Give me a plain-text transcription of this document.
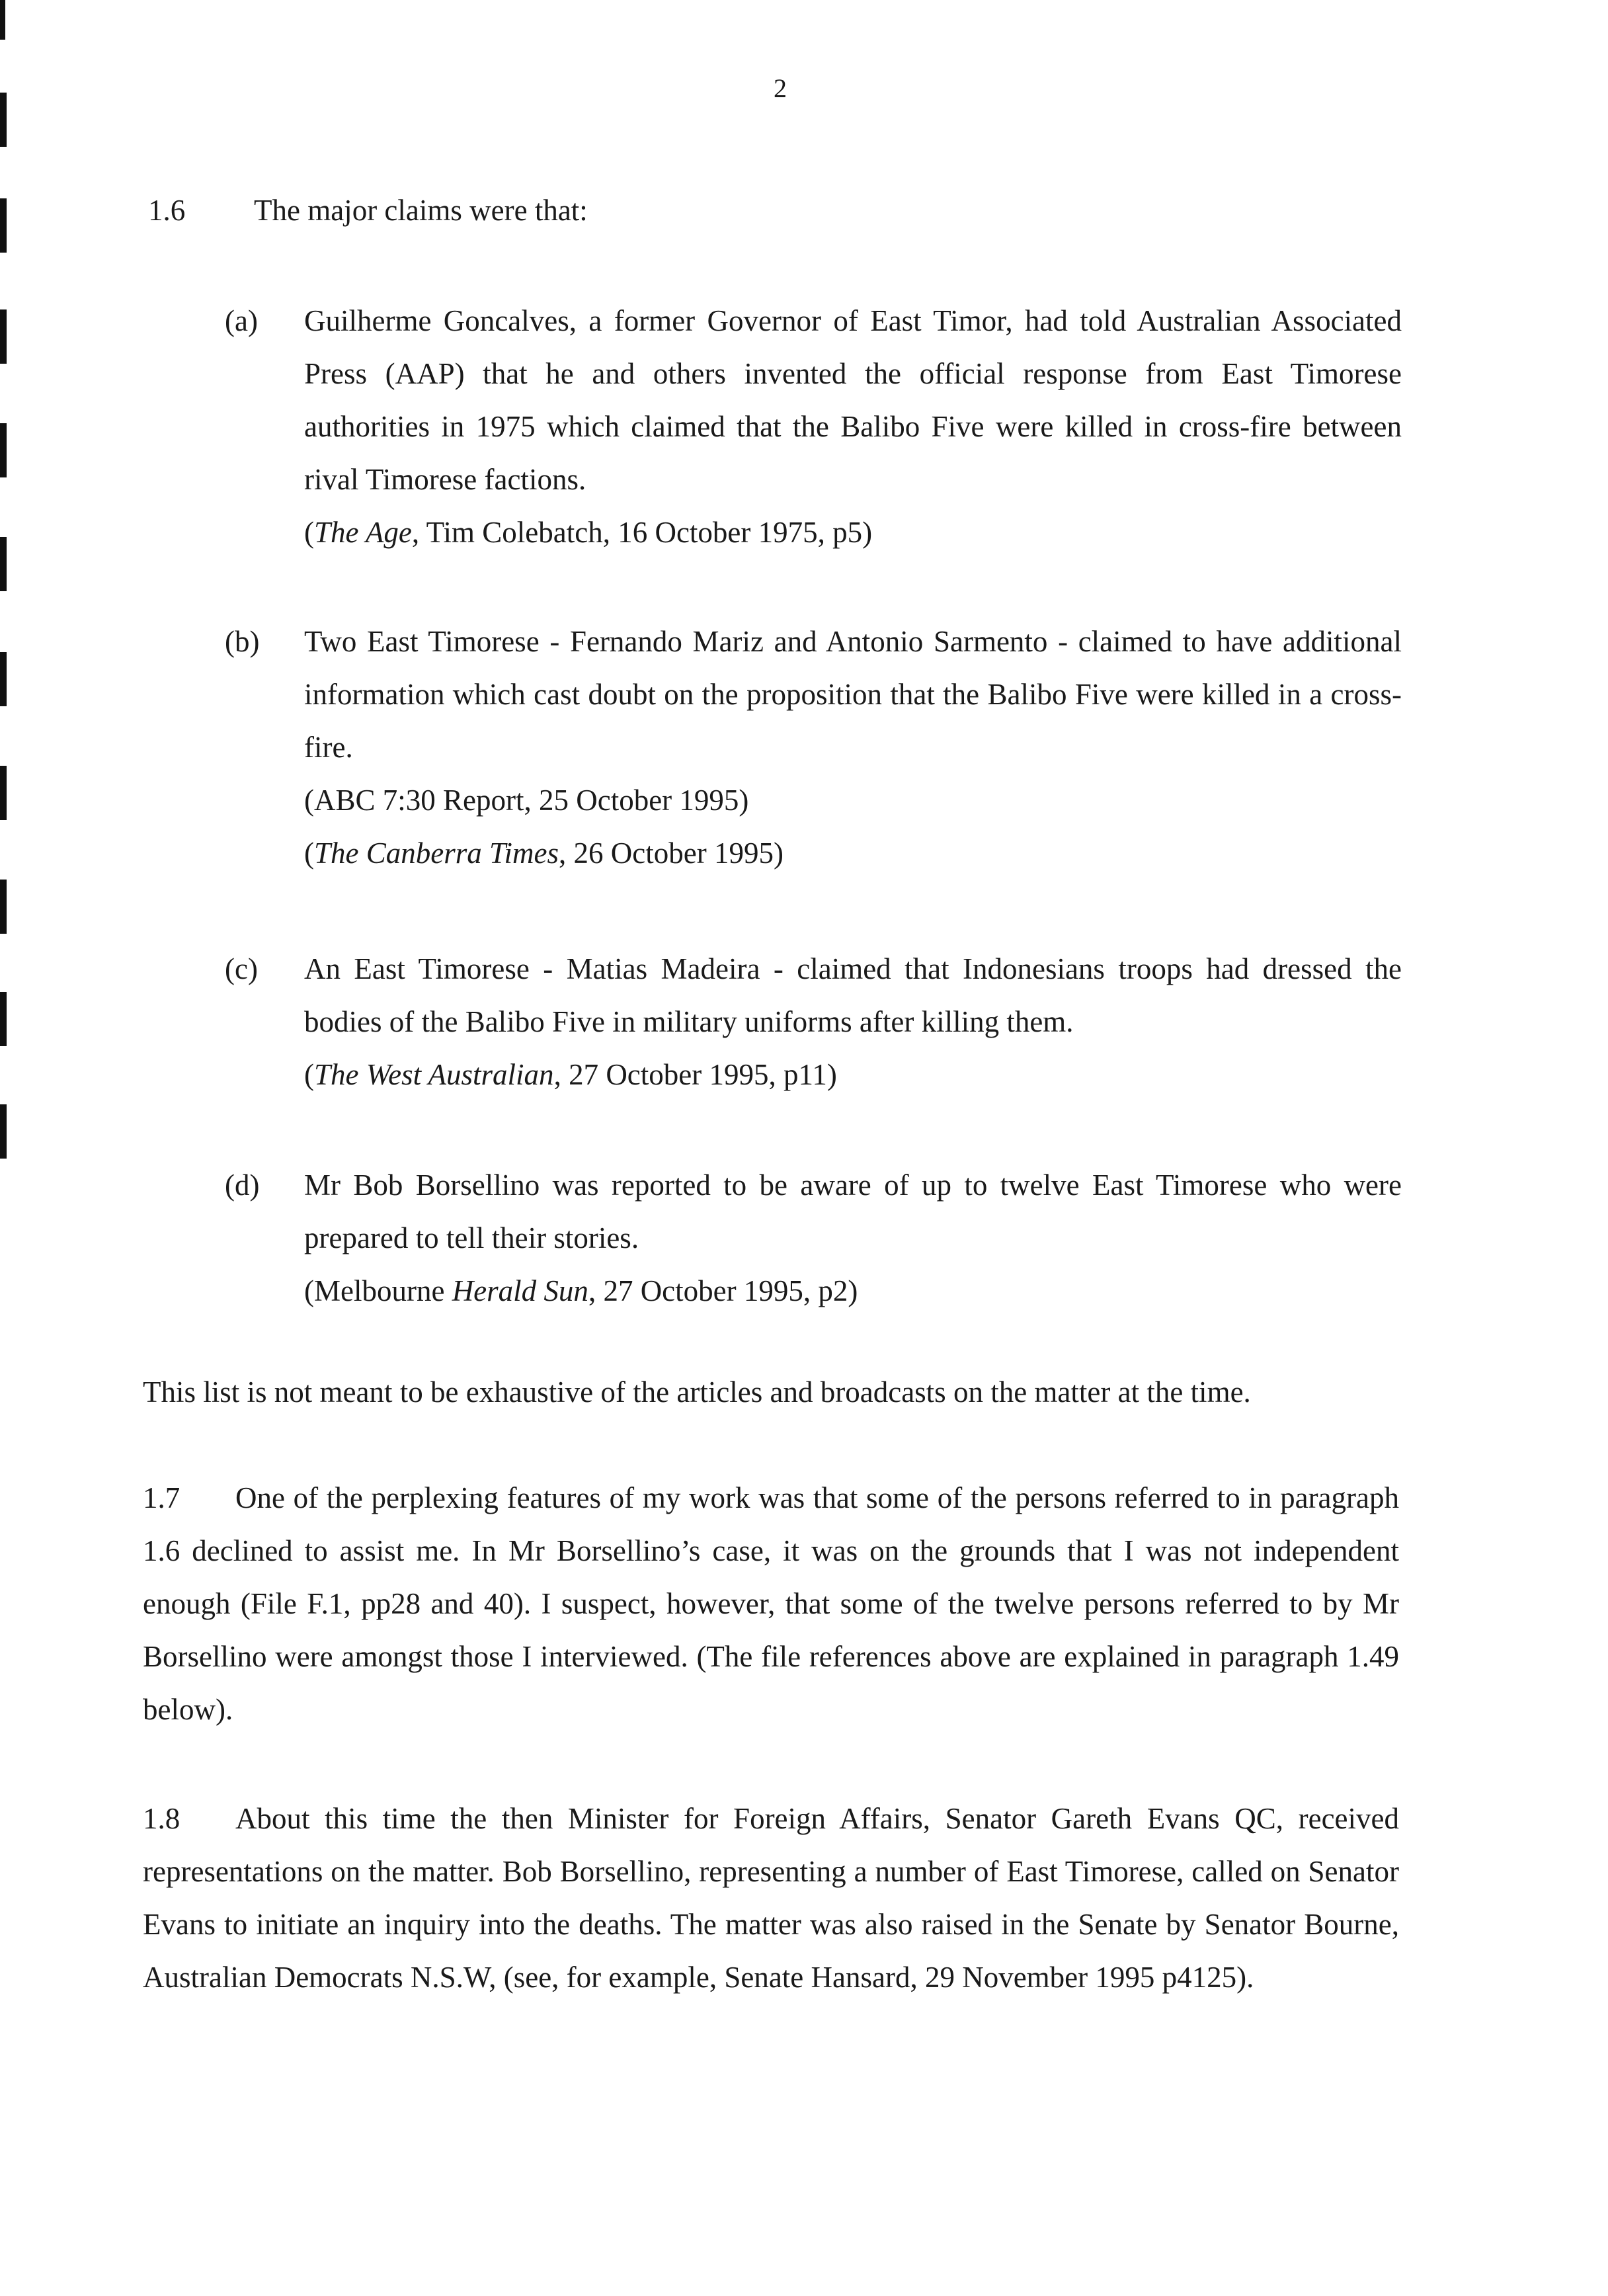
2
1.6 The major claims were that:
(a)	Guilherme Goncalves, a former Governor of East Timor, had told Australian Associated Press (AAP) that he and others invented the official response from East Timorese authorities in 1975 which claimed that the Balibo Five were killed in cross-fire between rival Timorese factions.

(The Age, Tim Colebatch, 16 October 1975, p5)

(b)	Two East Timorese - Fernando Mariz and Antonio Sarmento - claimed to have additional information which cast doubt on the proposition that the Balibo Five were killed in a cross-fire.

(ABC 7:30 Report, 25 October 1995)

(The Canberra Times, 26 October 1995)

(c)	An East Timorese - Matias Madeira - claimed that Indonesians troops had dressed the bodies of the Balibo Five in military uniforms after killing them.

(The West Australian, 27 October 1995, p11)

(d)	Mr Bob Borsellino was reported to be aware of up to twelve East Timorese who were prepared to tell their stories.

(Melbourne Herald Sun, 27 October 1995, p2)

This list is not meant to be exhaustive of the articles and broadcasts on the matter at the time.
1.7 One of the perplexing features of my work was that some of the persons referred to in paragraph 1.6 declined to assist me. In Mr Borsellino’s case, it was on the grounds that I was not independent enough (File F.1, pp28 and 40). I suspect, however, that some of the twelve persons referred to by Mr Borsellino were amongst those I interviewed. (The file references above are explained in paragraph 1.49 below).
1.8 About this time the then Minister for Foreign Affairs, Senator Gareth Evans QC, received representations on the matter. Bob Borsellino, representing a number of East Timorese, called on Senator Evans to initiate an inquiry into the deaths. The matter was also raised in the Senate by Senator Bourne, Australian Democrats N.S.W, (see, for example, Senate Hansard, 29 November 1995 p4125).
